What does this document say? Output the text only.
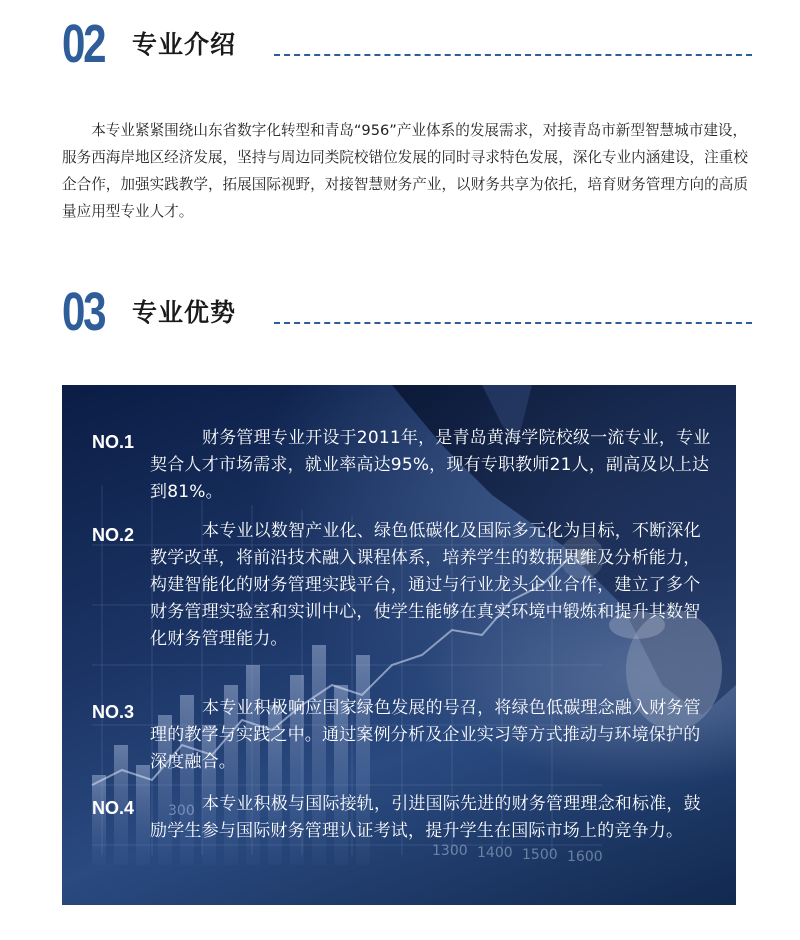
02 专业介绍

本专业紧紧围绕山东省数字化转型和青岛“956”产业体系的发展需求，对接青岛市新型智慧城市建设，服务西海岸地区经济发展，坚持与周边同类院校错位发展的同时寻求特色发展，深化专业内涵建设，注重校企合作，加强实践教学，拓展国际视野，对接智慧财务产业，以财务共享为依托，培育财务管理方向的高质量应用型专业人才。

03 专业优势
300
1300 1400 1500 1600
NO.1	财务管理专业开设于2011年，是青岛黄海学院校级一流专业，专业契合人才市场需求，就业率高达95%，现有专职教师21人，副高及以上达到81%。

NO.2	本专业以数智产业化、绿色低碳化及国际多元化为目标，不断深化教学改革，将前沿技术融入课程体系，培养学生的数据思维及分析能力，构建智能化的财务管理实践平台，通过与行业龙头企业合作，建立了多个财务管理实验室和实训中心，使学生能够在真实环境中锻炼和提升其数智化财务管理能力。

NO.3	本专业积极响应国家绿色发展的号召，将绿色低碳理念融入财务管理的教学与实践之中。通过案例分析及企业实习等方式推动与环境保护的深度融合。

NO.4	本专业积极与国际接轨，引进国际先进的财务管理理念和标准，鼓励学生参与国际财务管理认证考试，提升学生在国际市场上的竞争力。
